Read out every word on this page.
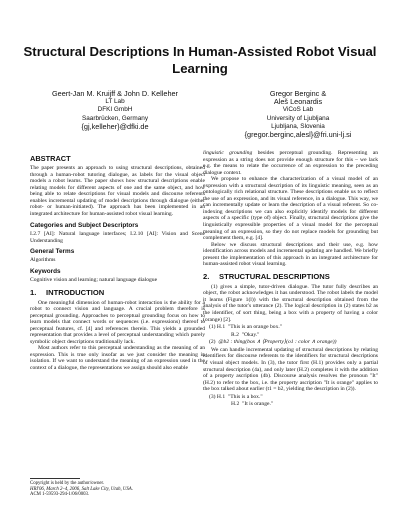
Structural Descriptions In Human-Assisted Robot Visual Learning
Geert-Jan M. Kruijff & John D. Kelleher
LT Lab
DFKI GmbH
Saarbrücken, Germany
{gj,kelleher}@dfki.de
Gregor Berginc &
Aleš Leonardis
ViCoS Lab
University of Ljubljana
Ljubljana, Slovenia
{gregor.berginc,alesl}@fri.uni-lj.si
ABSTRACT

The paper presents an approach to using structural descriptions, obtained through a human-robot tutoring dialogue, as labels for the visual object models a robot learns. The paper shows how structural descriptions enable relating models for different aspects of one and the same object, and how being able to relate descriptions for visual models and discourse referents enables incremental updating of model descriptions through dialogue (either robot- or human-initiated). The approach has been implemented in an integrated architecture for human-assisted robot visual learning.

Categories and Subject Descriptors

I.2.7 [AI]: Natural language interfaces; I.2.10 [AI]: Vision and Scene Understanding

General Terms

Algorithms

Keywords

Cognitive vision and learning; natural language dialogue

1. INTRODUCTION

One meaningful dimension of human-robot interaction is the ability for a robot to connect vision and language. A crucial problem therefore is perceptual grounding. Approaches to perceptual grounding focus on how to learn models that connect words or sequences (i.e. expressions) thereof to perceptual features, cf. [4] and references therein. This yields a grounded representation that provides a level of perceptual understanding which purely symbolic object descriptions traditionally lack.

Most authors refer to this perceptual understanding as the meaning of an expression. This is true only insofar as we just consider the meaning in isolation. If we want to understand the meaning of an expression used in the context of a dialogue, the representations we assign should also enable

linguistic grounding besides perceptual grounding. Representing an expression as a string does not provide enough structure for this – we lack e.g. the means to relate the occurrence of an expression to the preceding dialogue context.

We propose to enhance the characterization of a visual model of an expression with a structural description of its linguistic meaning, seen as an ontologically rich relational structure. These descriptions enable us to reflect the use of an expression, and its visual reference, in a dialogue. This way, we can incrementally update or learn the description of a visual referent. So co-indexing descriptions we can also explicitly identify models for different aspects of a specific (type of) object. Finally, structural descriptions give the linguistically expressible properties of a visual model for the perceptual meaning of an expression, so they do not replace models for grounding but complement them, e.g. [4].

Below we discuss structural descriptions and their use, e.g. how identification across models and incremental updating are handled. We briefly present the implementation of this approach in an integrated architecture for human-assisted robot visual learning.

2. STRUCTURAL DESCRIPTIONS

(1) gives a simple, tutor-driven dialogue. The tutor fully describes an object, the robot acknowledges it has understood. The robot labels the model it learns (Figure 1(l)) with the structural description obtained from the analysis of the tutor's utterance (2). The logical description in (2) states b2 as the identifier, of sort thing, being a box with a property of having a color (orange) [2].

(1) H.1 "This is an orange box."
R.2 "Okay."
(2) @b2 : thing(box ∧ ⟨Property⟩(o1 : color ∧ orange))

We can handle incremental updating of structural descriptions by relating identifiers for discourse referents to the identifiers for structural descriptions of visual object models. In (3), the tutor first (H.1) provides only a partial structural description (4a), and only later (H.2) completes it with the addition of a property ascription (4b). Discourse analysis resolves the pronoun "It" (H.2) to refer to the box, i.e. the property ascription "It is orange" applies to the box talked about earlier (t1 = b2, yielding the description in (2)).

(3) H.1 "This is a box."
H.2 "It is orange."
Copyright is held by the author/owner.
HRI'06, March 2–4, 2006, Salt Lake City, Utah, USA.
ACM 1-59593-294-1/06/0003.
